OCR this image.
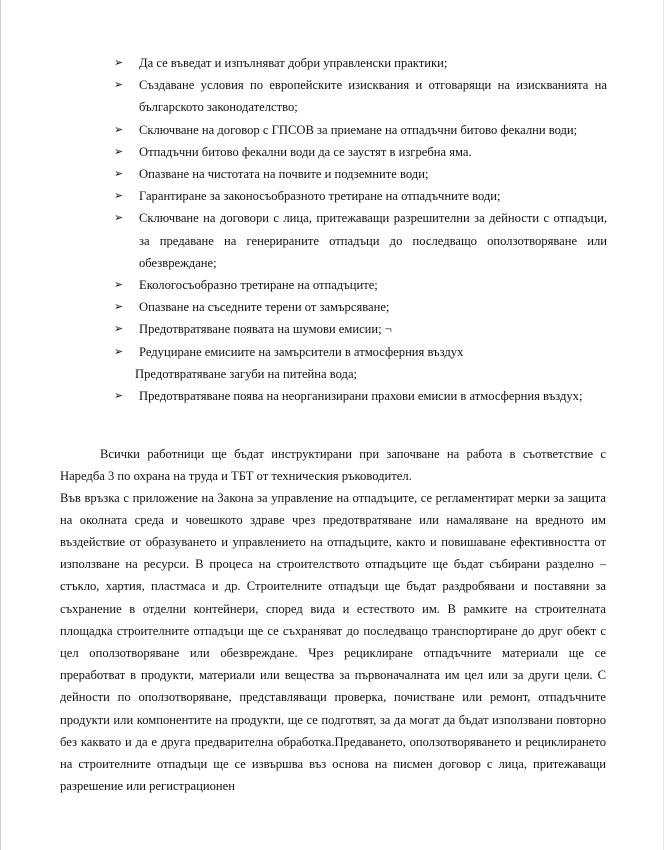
➢ Да се въведат и изпълняват добри управленски практики;
➢ Създаване условия по европейските изисквания и отговарящи на изискванията на българското законодателство;
➢ Сключване на договор с ГПСОВ за приемане на отпадъчни битово фекални води;
➢ Отпадъчни битово фекални води да се заустят в изгребна яма.
➢ Опазване на чистотата на почвите и подземните води;
➢ Гарантиране за законосъобразното третиране на отпадъчните води;
➢ Сключване на договори с лица, притежаващи разрешителни за дейности с отпадъци, за предаване на генерираните отпадъци до последващо оползотворяване или обезвреждане;
➢ Екологосъобразно третиране на отпадъците;
➢ Опазване на съседните терени от замърсяване;
➢ Предотвратяване появата на шумови емисии; ¬
➢ Редуциране емисиите на замърсители в атмосферния въздух
Предотвратяване загуби на питейна вода;
➢ Предотвратяване поява на неорганизирани прахови емисии в атмосферния въздух;

Всички работници ще бъдат инструктирани при започване на работа в съответствие с Наредба 3 по охрана на труда и ТБТ от техническия ръководител.

Във връзка с приложение на Закона за управление на отпадъците, се регламентират мерки за защита на околната среда и човешкото здраве чрез предотвратяване или намаляване на вредното им въздействие от образуването и управлението на отпадъците, както и повишаване ефективността от използване на ресурси. В процеса на строителството отпадъците ще бъдат събирани разделно – стъкло, хартия, пластмаса и др. Строителните отпадъци ще бъдат раздробявани и поставяни за съхранение в отделни контейнери, според вида и естеството им. В рамките на строителната площадка строителните отпадъци ще се съхраняват до последващо транспортиране до друг обект с цел оползотворяване или обезвреждане. Чрез рециклиране отпадъчните материали ще се преработват в продукти, материали или вещества за първоначалната им цел или за други цели. С дейности по оползотворяване, представляващи проверка, почистване или ремонт, отпадъчните продукти или компонентите на продукти, ще се подготвят, за да могат да бъдат използвани повторно без каквато и да е друга предварителна обработка.Предаването, оползотворяването и рециклирането на строителните отпадъци ще се извършва въз основа на писмен договор с лица, притежаващи разрешение или регистрационен
